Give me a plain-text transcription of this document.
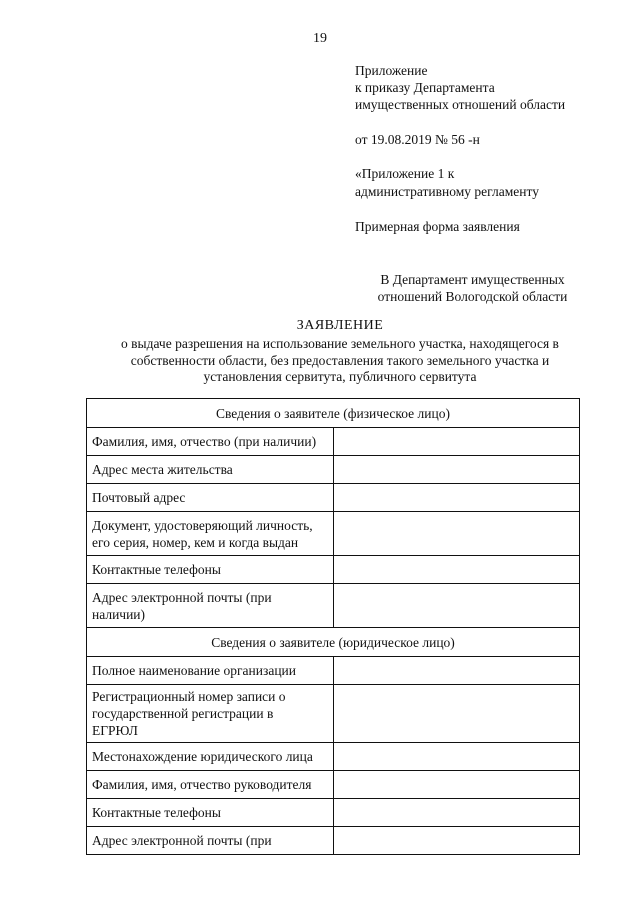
19
Приложение
к приказу Департамента
имущественных отношений области
от 19.08.2019 № 56 -н
«Приложение 1 к
административному регламенту
Примерная форма заявления
В Департамент имущественных
отношений Вологодской области
ЗАЯВЛЕНИЕ
о выдаче разрешения на использование земельного участка, находящегося в
собственности области, без предоставления такого земельного участка и
установления сервитута, публичного сервитута
Сведения о заявителе (физическое лицо)	

Фамилия, имя, отчество (при наличии)	

Адрес места жительства	

Почтовый адрес	

Документ, удостоверяющий личность,
его серия, номер, кем и когда выдан	

Контактные телефоны	

Адрес электронной почты (при
наличии)	

Сведения о заявителе (юридическое лицо)	

Полное наименование организации	

Регистрационный номер записи о
государственной регистрации в
ЕГРЮЛ	

Местонахождение юридического лица	

Фамилия, имя, отчество руководителя	

Контактные телефоны	

Адрес электронной почты (при	
